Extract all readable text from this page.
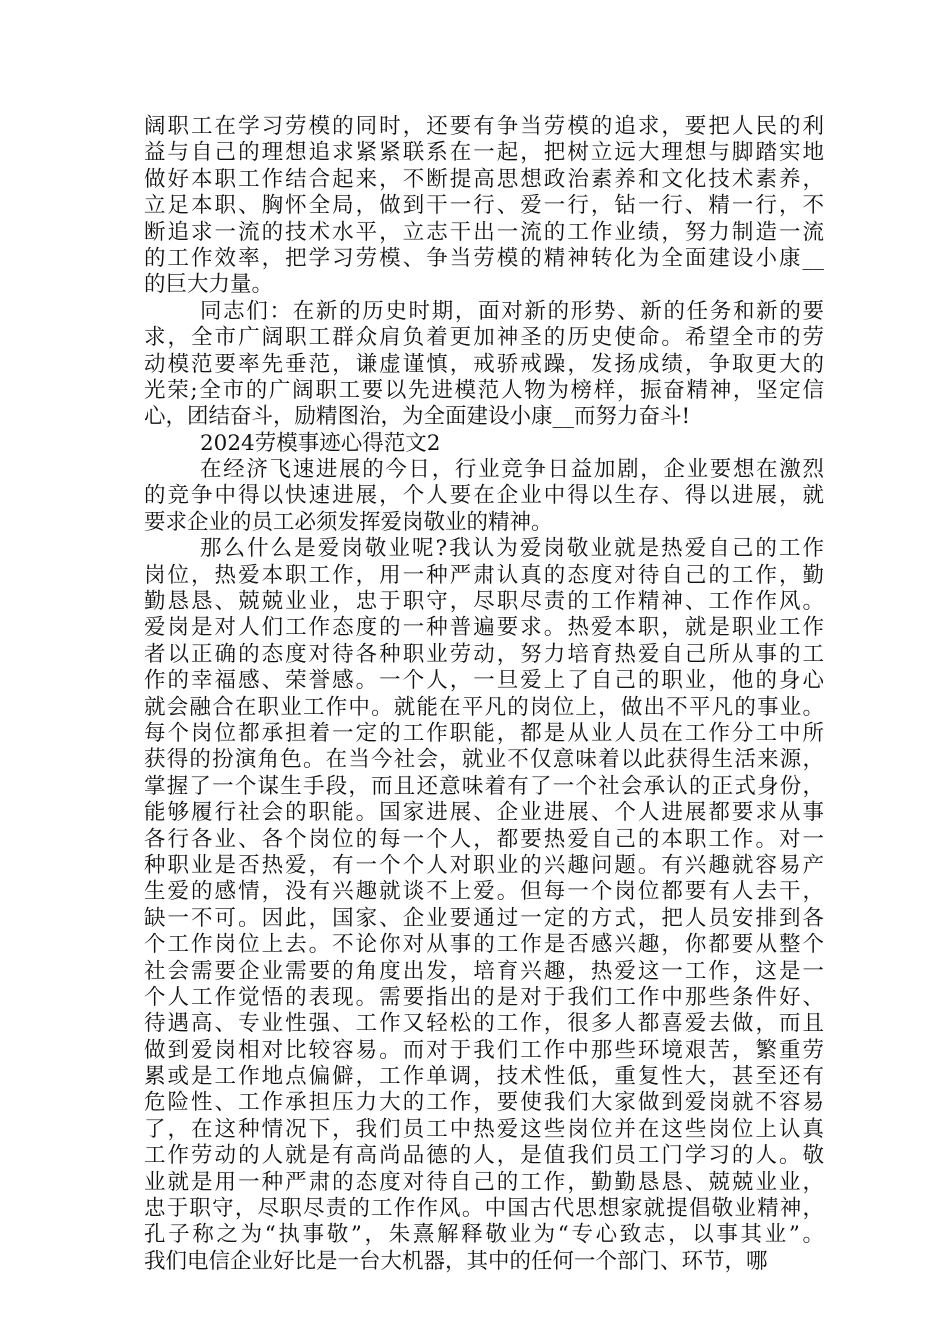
阔职工在学习劳模的同时，还要有争当劳模的追求，要把人民的利
益与自己的理想追求紧紧联系在一起，把树立远大理想与脚踏实地
做好本职工作结合起来，不断提高思想政治素养和文化技术素养，
立足本职、胸怀全局，做到干一行、爱一行，钻一行、精一行，不
断追求一流的技术水平，立志干出一流的工作业绩，努力制造一流
的工作效率，把学习劳模、争当劳模的精神转化为全面建设小康__
的巨大力量。
同志们：在新的历史时期，面对新的形势、新的任务和新的要
求，全市广阔职工群众肩负着更加神圣的历史使命。希望全市的劳
动模范要率先垂范，谦虚谨慎，戒骄戒躁，发扬成绩，争取更大的
光荣;全市的广阔职工要以先进模范人物为榜样，振奋精神，坚定信
心，团结奋斗，励精图治，为全面建设小康__而努力奋斗!
2024劳模事迹心得范文2
在经济飞速进展的今日，行业竞争日益加剧，企业要想在激烈
的竞争中得以快速进展，个人要在企业中得以生存、得以进展，就
要求企业的员工必须发挥爱岗敬业的精神。
那么什么是爱岗敬业呢?我认为爱岗敬业就是热爱自己的工作
岗位，热爱本职工作，用一种严肃认真的态度对待自己的工作，勤
勤恳恳、兢兢业业，忠于职守，尽职尽责的工作精神、工作作风。
爱岗是对人们工作态度的一种普遍要求。热爱本职，就是职业工作
者以正确的态度对待各种职业劳动，努力培育热爱自己所从事的工
作的幸福感、荣誉感。一个人，一旦爱上了自己的职业，他的身心
就会融合在职业工作中。就能在平凡的岗位上，做出不平凡的事业。
每个岗位都承担着一定的工作职能，都是从业人员在工作分工中所
获得的扮演角色。在当今社会，就业不仅意味着以此获得生活来源，
掌握了一个谋生手段，而且还意味着有了一个社会承认的正式身份，
能够履行社会的职能。国家进展、企业进展、个人进展都要求从事
各行各业、各个岗位的每一个人，都要热爱自己的本职工作。对一
种职业是否热爱，有一个个人对职业的兴趣问题。有兴趣就容易产
生爱的感情，没有兴趣就谈不上爱。但每一个岗位都要有人去干，
缺一不可。因此，国家、企业要通过一定的方式，把人员安排到各
个工作岗位上去。不论你对从事的工作是否感兴趣，你都要从整个
社会需要企业需要的角度出发，培育兴趣，热爱这一工作，这是一
个人工作觉悟的表现。需要指出的是对于我们工作中那些条件好、
待遇高、专业性强、工作又轻松的工作，很多人都喜爱去做，而且
做到爱岗相对比较容易。而对于我们工作中那些环境艰苦，繁重劳
累或是工作地点偏僻，工作单调，技术性低，重复性大，甚至还有
危险性、工作承担压力大的工作，要使我们大家做到爱岗就不容易
了，在这种情况下，我们员工中热爱这些岗位并在这些岗位上认真
工作劳动的人就是有高尚品德的人，是值我们员工门学习的人。敬
业就是用一种严肃的态度对待自己的工作，勤勤恳恳、兢兢业业，
忠于职守，尽职尽责的工作作风。中国古代思想家就提倡敬业精神，
孔子称之为“执事敬”，朱熹解释敬业为“专心致志，以事其业”。
我们电信企业好比是一台大机器，其中的任何一个部门、环节，哪
